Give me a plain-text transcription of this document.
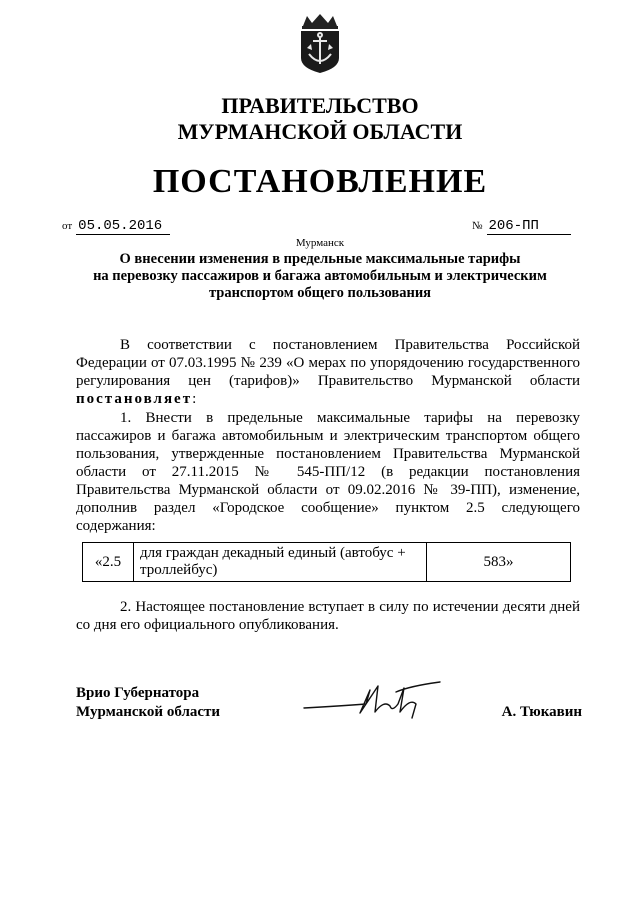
ПРАВИТЕЛЬСТВО
МУРМАНСКОЙ ОБЛАСТИ
ПОСТАНОВЛЕНИЕ
от 05.05.2016	№ 206-ПП
Мурманск
О внесении изменения в предельные максимальные тарифы
на перевозку пассажиров и багажа автомобильным и электрическим
транспортом общего пользования
В соответствии с постановлением Правительства Российской Федерации от 07.03.1995 № 239 «О мерах по упорядочению государственного регулирования цен (тарифов)» Правительство Мурманской области постановляет:
1. Внести в предельные максимальные тарифы на перевозку пассажиров и багажа автомобильным и электрическим транспортом общего пользования, утвержденные постановлением Правительства Мурманской области от 27.11.2015 № 545-ПП/12 (в редакции постановления Правительства Мурманской области от 09.02.2016 № 39-ПП), изменение, дополнив раздел «Городское сообщение» пунктом 2.5 следующего содержания:
«2.5	для граждан декадный единый (автобус + троллейбус)	583»
2. Настоящее постановление вступает в силу по истечении десяти дней со дня его официального опубликования.
Врио Губернатора
Мурманской области	А. Тюкавин
